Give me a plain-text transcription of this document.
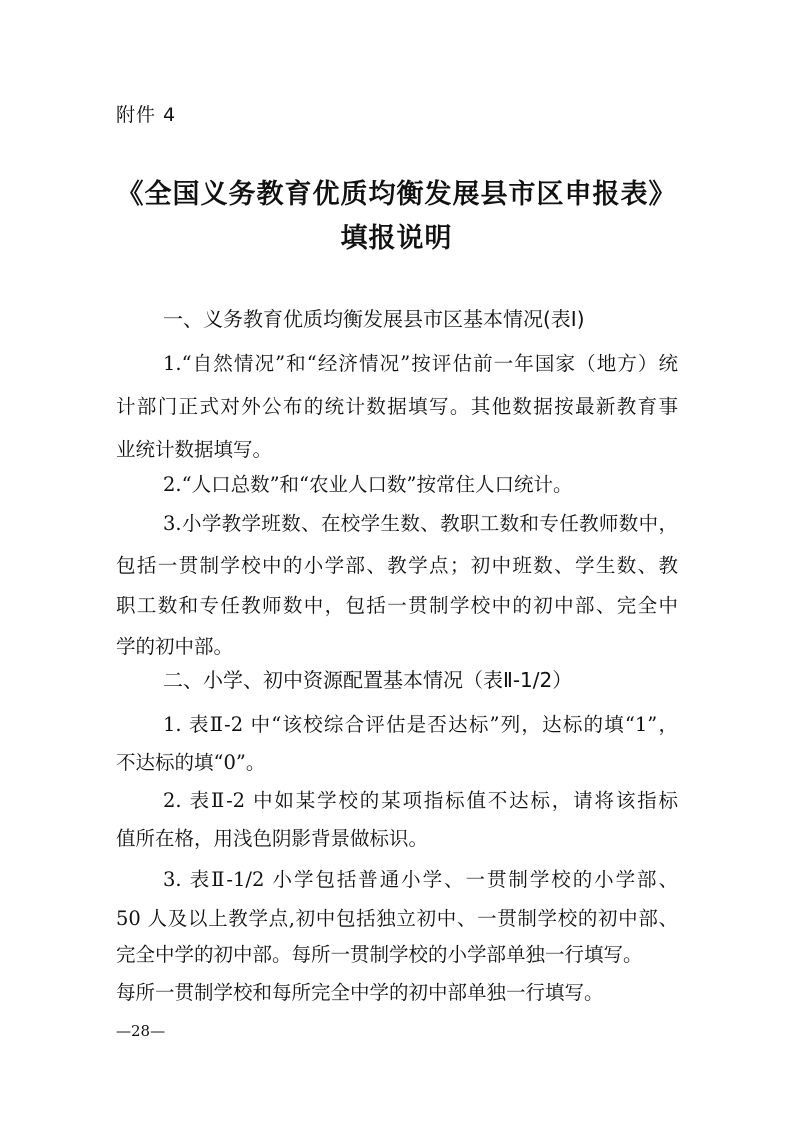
附件 4
《全国义务教育优质均衡发展县市区申报表》
填报说明
一、义务教育优质均衡发展县市区基本情况(表Ⅰ)
1.“自然情况”和“经济情况”按评估前一年国家（地方）统
计部门正式对外公布的统计数据填写。其他数据按最新教育事
业统计数据填写。
2.“人口总数”和“农业人口数”按常住人口统计。
3.小学教学班数、在校学生数、教职工数和专任教师数中，
包括一贯制学校中的小学部、教学点；初中班数、学生数、教
职工数和专任教师数中，包括一贯制学校中的初中部、完全中
学的初中部。
二、小学、初中资源配置基本情况（表Ⅱ-1/2）
1. 表Ⅱ-2 中“该校综合评估是否达标”列，达标的填“1”，
不达标的填“0”。
2. 表Ⅱ-2 中如某学校的某项指标值不达标，请将该指标
值所在格，用浅色阴影背景做标识。
3. 表Ⅱ-1/2 小学包括普通小学、一贯制学校的小学部、
50 人及以上教学点,初中包括独立初中、一贯制学校的初中部、
完全中学的初中部。每所一贯制学校的小学部单独一行填写。
每所一贯制学校和每所完全中学的初中部单独一行填写。
—28—
